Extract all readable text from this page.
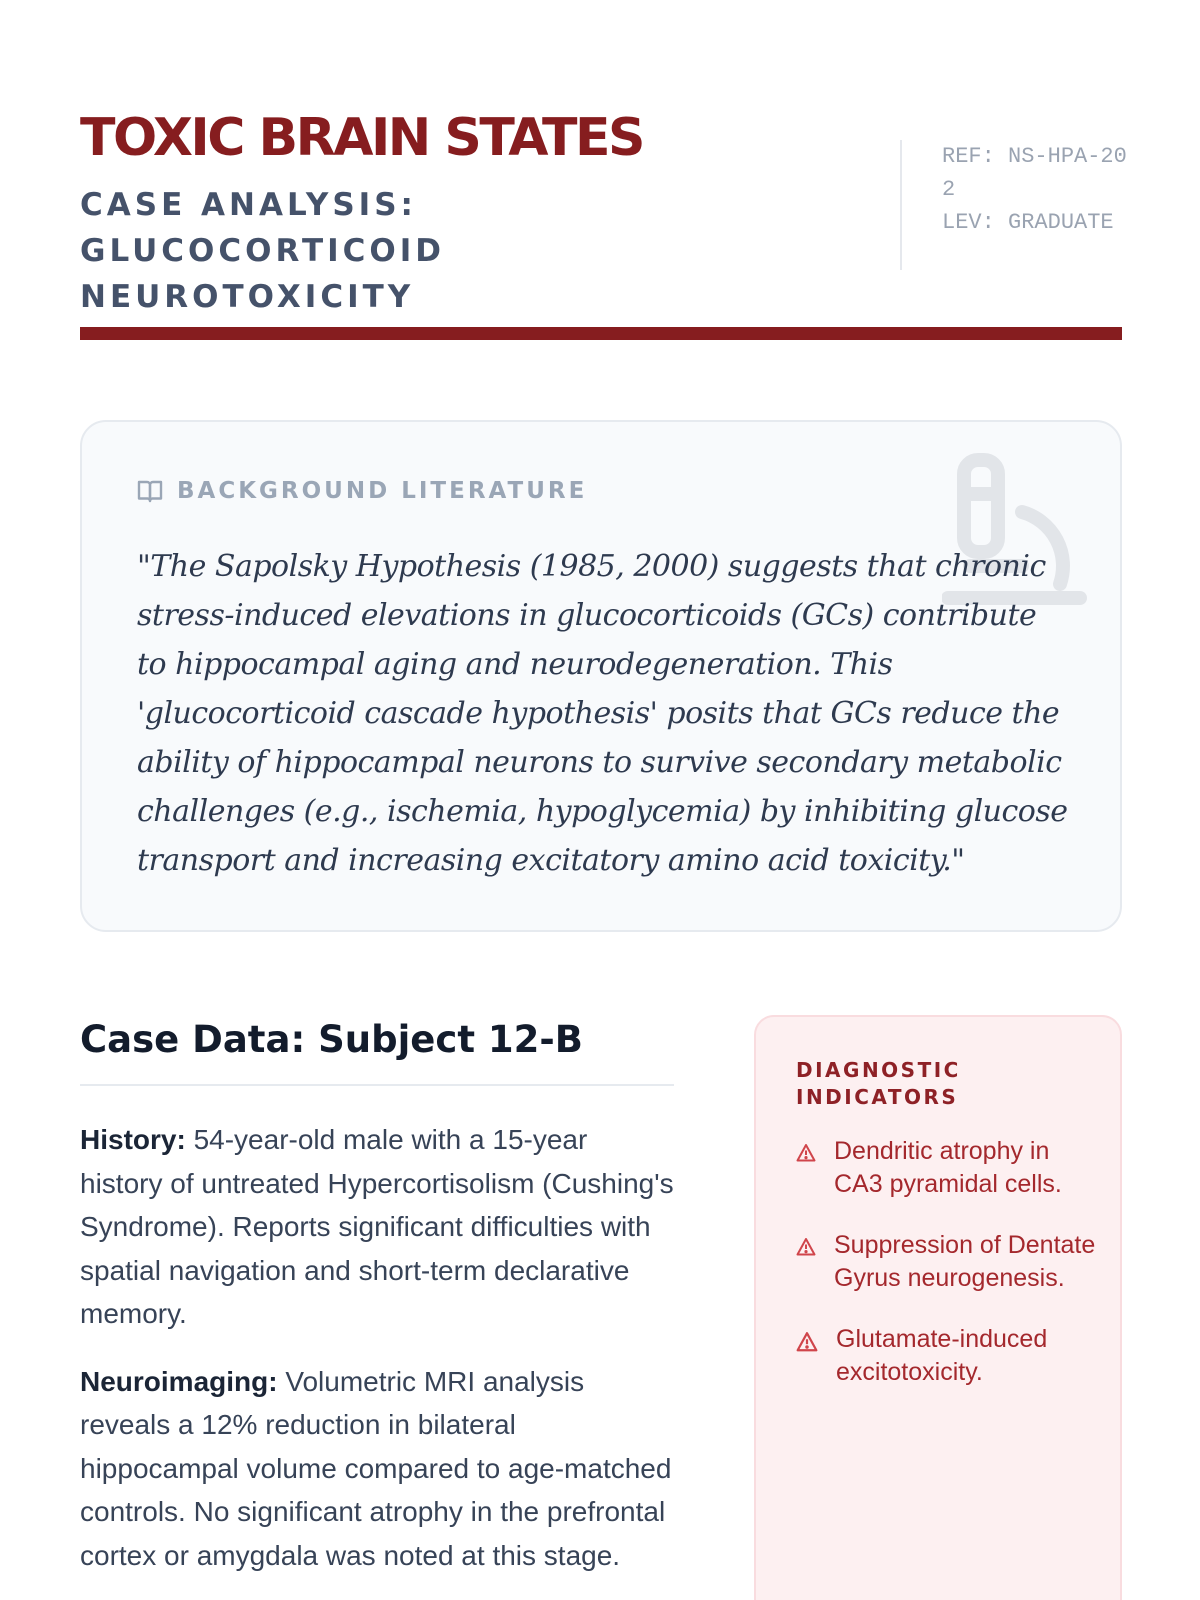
TOXIC BRAIN STATES
CASE ANALYSIS: GLUCOCORTICOID NEUROTOXICITY
REF: NS-HPA-202
LEV: GRADUATE
BACKGROUND LITERATURE

"The Sapolsky Hypothesis (1985, 2000) suggests that chronic stress-induced elevations in glucocorticoids (GCs) contribute to hippocampal aging and neurodegeneration. This 'glucocorticoid cascade hypothesis' posits that GCs reduce the ability of hippocampal neurons to survive secondary metabolic challenges (e.g., ischemia, hypoglycemia) by inhibiting glucose transport and increasing excitatory amino acid toxicity."

Case Data: Subject 12-B

History: 54-year-old male with a 15-year history of untreated Hypercortisolism (Cushing's Syndrome). Reports significant difficulties with spatial navigation and short-term declarative memory.

Neuroimaging: Volumetric MRI analysis reveals a 12% reduction in bilateral hippocampal volume compared to age-matched controls. No significant atrophy in the prefrontal cortex or amygdala was noted at this stage.

DIAGNOSTIC INDICATORS
Dendritic atrophy in CA3 pyramidal cells.
Suppression of Dentate Gyrus neurogenesis.
Glutamate-induced excitotoxicity.
